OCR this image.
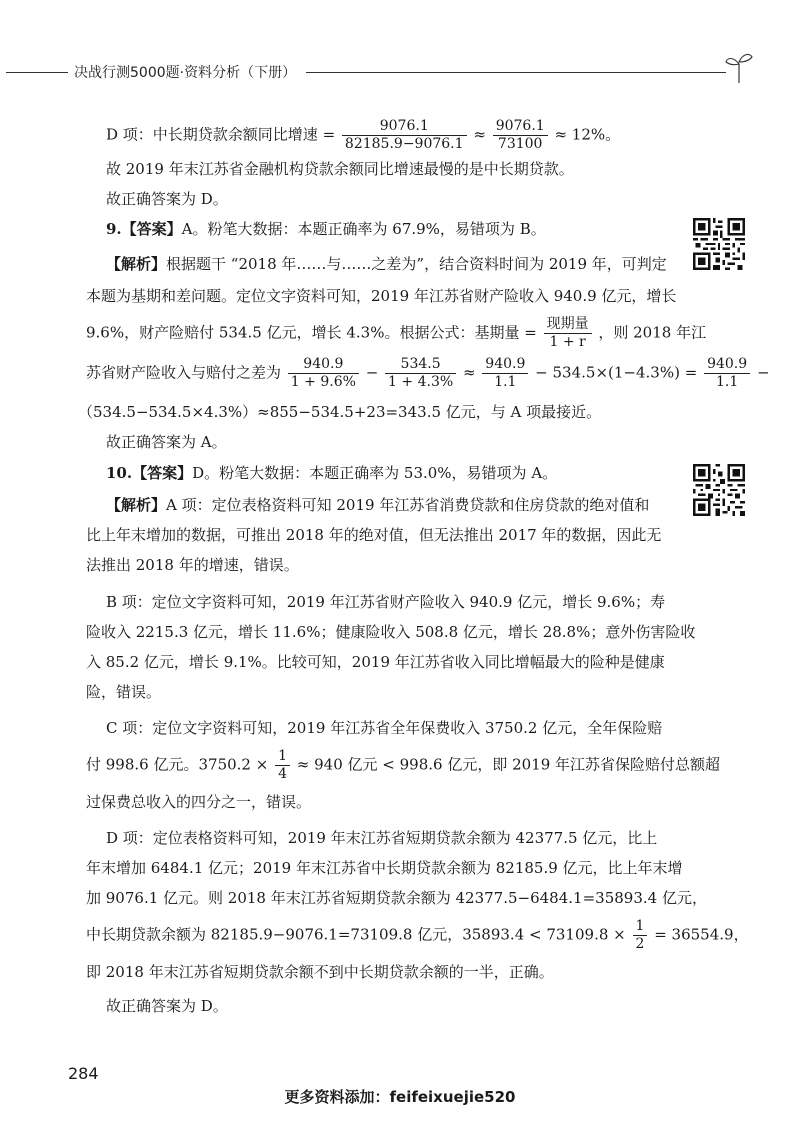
决战行测5000题·资料分析（下册）
D 项：中长期贷款余额同比增速 = $\frac{9076.1}{82185.9-9076.1} \approx \frac{9076.1}{73100} \approx 12\%$。
故 2019 年末江苏省金融机构贷款余额同比增速最慢的是中长期贷款。
故正确答案为 D。
9.【答案】A。粉笔大数据：本题正确率为 67.9%，易错项为 B。
【解析】根据题干 “2018 年……与……之差为”，结合资料时间为 2019 年，可判定
本题为基期和差问题。定位文字资料可知，2019 年江苏省财产险收入 940.9 亿元，增长
9.6%，财产险赔付 534.5 亿元，增长 4.3%。根据公式：基期量 = $\frac{\text{现期量}}{1 + r}$ ，则 2018 年江
苏省财产险收入与赔付之差为 $\frac{940.9}{1 + 9.6\%} - \frac{534.5}{1 + 4.3\%} \approx \frac{940.9}{1.1} - 534.5\times(1-4.3\%) = \frac{940.9}{1.1}$ −
（534.5−534.5×4.3%）≈855−534.5+23=343.5 亿元，与 A 项最接近。
故正确答案为 A。
10.【答案】D。粉笔大数据：本题正确率为 53.0%，易错项为 A。
【解析】A 项：定位表格资料可知 2019 年江苏省消费贷款和住房贷款的绝对值和
比上年末增加的数据，可推出 2018 年的绝对值，但无法推出 2017 年的数据，因此无
法推出 2018 年的增速，错误。
B 项：定位文字资料可知，2019 年江苏省财产险收入 940.9 亿元，增长 9.6%；寿
险收入 2215.3 亿元，增长 11.6%；健康险收入 508.8 亿元，增长 28.8%；意外伤害险收
入 85.2 亿元，增长 9.1%。比较可知，2019 年江苏省收入同比增幅最大的险种是健康
险，错误。
C 项：定位文字资料可知，2019 年江苏省全年保费收入 3750.2 亿元，全年保险赔
付 998.6 亿元。$3750.2 \times \frac{1}{4} \approx 940$ 亿元 < 998.6 亿元，即 2019 年江苏省保险赔付总额超
过保费总收入的四分之一，错误。
D 项：定位表格资料可知，2019 年末江苏省短期贷款余额为 42377.5 亿元，比上
年末增加 6484.1 亿元；2019 年末江苏省中长期贷款余额为 82185.9 亿元，比上年末增
加 9076.1 亿元。则 2018 年末江苏省短期贷款余额为 42377.5−6484.1=35893.4 亿元，
中长期贷款余额为 82185.9−9076.1=73109.8 亿元，$35893.4 < 73109.8 \times \frac{1}{2} = 36554.9$，
即 2018 年末江苏省短期贷款余额不到中长期贷款余额的一半，正确。
故正确答案为 D。
284
更多资料添加：feifeixuejie520
